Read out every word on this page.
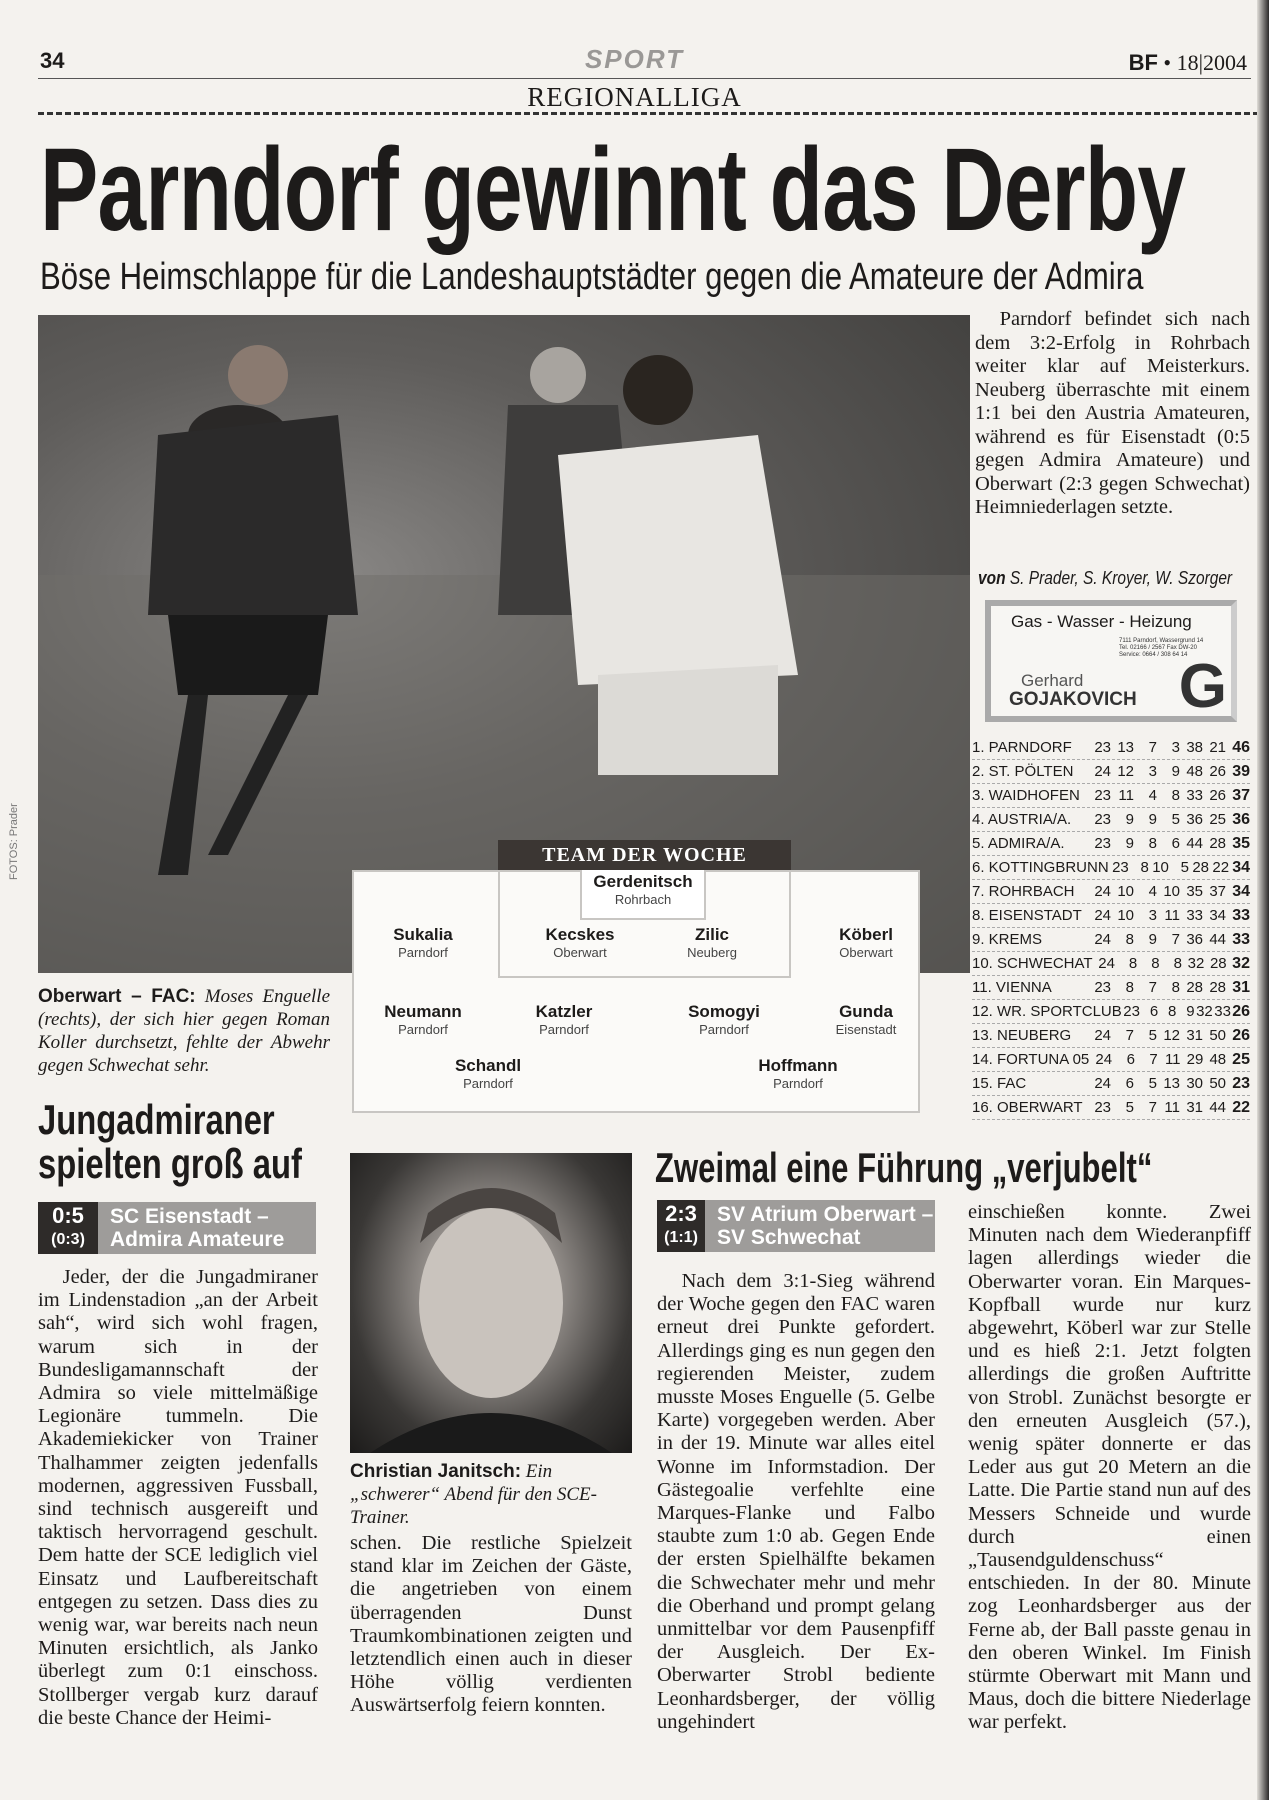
34	SPORT	BF • 18|2004
REGIONALLIGA
Parndorf gewinnt das Derby
Böse Heimschlappe für die Landeshauptstädter gegen die Amateure der Admira
FOTOS: Prader
Oberwart – FAC: Moses Enguelle (rechts), der sich hier gegen Roman Koller durchsetzt, fehlte der Abwehr gegen Schwechat sehr.
TEAM DER WOCHE
Gerdenitsch
Rohrbach
Sukalia
Parndorf
Kecskes
Oberwart
Zilic
Neuberg
Köberl
Oberwart
Neumann
Parndorf
Katzler
Parndorf
Somogyi
Parndorf
Gunda
Eisenstadt
Schandl
Parndorf
Hoffmann
Parndorf

Parndorf befindet sich nach dem 3:2-Erfolg in Rohrbach weiter klar auf Meisterkurs. Neuberg überraschte mit einem 1:1 bei den Austria Amateuren, während es für Eisenstadt (0:5 gegen Admira Amateure) und Oberwart (2:3 gegen Schwechat) Heimniederlagen setzte.

von S. Prader, S. Kroyer, W. Szorger
Gas - Wasser - Heizung
7111 Parndorf, Wassergrund 14
Tel. 02166 / 2567 Fax DW-20
Service: 0664 / 308 64 14
Gerhard
GOJAKOVICH G
1. PARNDORF	23 13 7 3 38 21 46
2. ST. PÖLTEN	24 12 3 9 48 26 39
3. WAIDHOFEN 23 11 4 8 33 26 37
4. AUSTRIA/A.	23 9 9 5 36 25 36
5. ADMIRA/A.	23 9 8 6 44 28 35
6. KOTTINGBRUNN 23 8 10 5 28 22 34
7. ROHRBACH	24 10 4 10 35 37 34
8. EISENSTADT 24 10 3 11 33 34 33
9. KREMS	24 8 9 7 36 44 33
10. SCHWECHAT 24 8 8 8 32 28 32
11. VIENNA	23 8 7 8 28 28 31
12. WR. SPORTCLUB 23 6 8 9 32 33 26
13. NEUBERG	24 7 5 12 31 50 26
14. FORTUNA 05 24 6 7 11 29 48 25
15. FAC	24 6 5 13 30 50 23
16. OBERWART 23 5 7 11 31 44 22
Jungadmiraner
spielten groß auf
0:5
(0:3)
SC Eisenstadt –
Admira Amateure

Jeder, der die Jungadmiraner im Lindenstadion „an der Arbeit sah“, wird sich wohl fragen, warum sich in der Bundesligamannschaft der Admira so viele mittelmäßige Legionäre tummeln. Die Akademiekicker von Trainer Thalhammer zeigten jedenfalls modernen, aggressiven Fussball, sind technisch ausgereift und taktisch hervorragend geschult. Dem hatte der SCE lediglich viel Einsatz und Laufbereitschaft entgegen zu setzen. Dass dies zu wenig war, war bereits nach neun Minuten ersichtlich, als Janko überlegt zum 0:1 einschoss. Stollberger vergab kurz darauf die beste Chance der Heimi-

Christian Janitsch: Ein „schwerer“ Abend für den SCE-Trainer.

schen. Die restliche Spielzeit stand klar im Zeichen der Gäste, die angetrieben von einem überragenden Dunst Traumkombinationen zeigten und letztendlich einen auch in dieser Höhe völlig verdienten Auswärtserfolg feiern konnten.

Zweimal eine Führung „verjubelt“
2:3
(1:1)
SV Atrium Oberwart –
SV Schwechat

Nach dem 3:1-Sieg während der Woche gegen den FAC waren erneut drei Punkte gefordert. Allerdings ging es nun gegen den regierenden Meister, zudem musste Moses Enguelle (5. Gelbe Karte) vorgegeben werden. Aber in der 19. Minute war alles eitel Wonne im Informstadion. Der Gästegoalie verfehlte eine Marques-Flanke und Falbo staubte zum 1:0 ab. Gegen Ende der ersten Spielhälfte bekamen die Schwechater mehr und mehr die Oberhand und prompt gelang unmittelbar vor dem Pausenpfiff der Ausgleich. Der Ex-Oberwarter Strobl bediente Leonhardsberger, der völlig ungehindert

einschießen konnte. Zwei Minuten nach dem Wiederanpfiff lagen allerdings wieder die Oberwarter voran. Ein Marques-Kopfball wurde nur kurz abgewehrt, Köberl war zur Stelle und es hieß 2:1. Jetzt folgten allerdings die großen Auftritte von Strobl. Zunächst besorgte er den erneuten Ausgleich (57.), wenig später donnerte er das Leder aus gut 20 Metern an die Latte. Die Partie stand nun auf des Messers Schneide und wurde durch einen „Tausendguldenschuss“ entschieden. In der 80. Minute zog Leonhardsberger aus der Ferne ab, der Ball passte genau in den oberen Winkel. Im Finish stürmte Oberwart mit Mann und Maus, doch die bittere Niederlage war perfekt.
